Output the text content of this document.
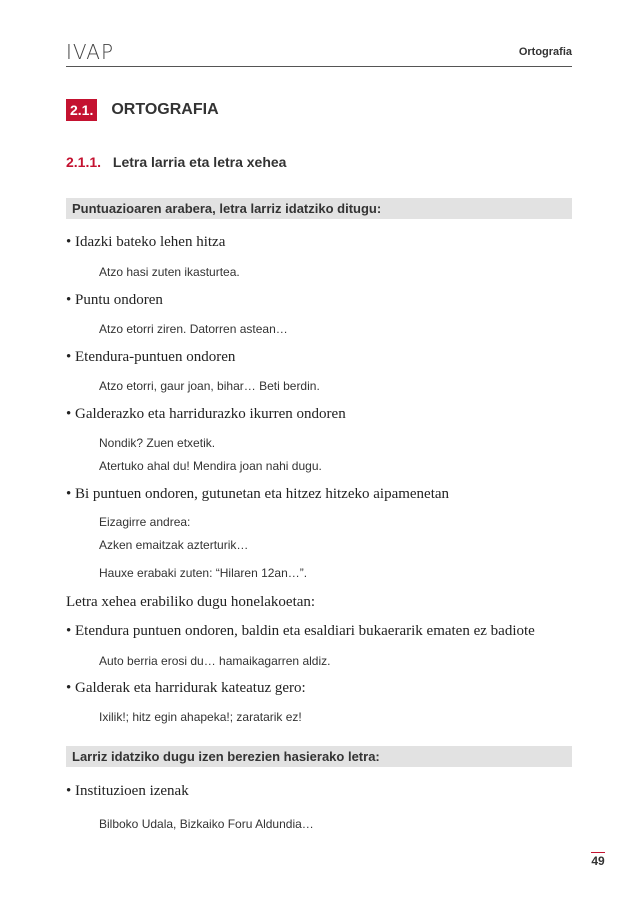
IVAP	Ortografia
2.1. ORTOGRAFIA
2.1.1. Letra larria eta letra xehea
Puntuazioaren arabera, letra larriz idatziko ditugu:
• Idazki bateko lehen hitza
Atzo hasi zuten ikasturtea.
• Puntu ondoren
Atzo etorri ziren. Datorren astean…
• Etendura-puntuen ondoren
Atzo etorri, gaur joan, bihar… Beti berdin.
• Galderazko eta harridurazko ikurren ondoren
Nondik? Zuen etxetik.
Atertuko ahal du! Mendira joan nahi dugu.
• Bi puntuen ondoren, gutunetan eta hitzez hitzeko aipamenetan
Eizagirre andrea:
Azken emaitzak azterturik…
Hauxe erabaki zuten: “Hilaren 12an…”.
Letra xehea erabiliko dugu honelakoetan:
• Etendura puntuen ondoren, baldin eta esaldiari bukaerarik ematen ez badiote
Auto berria erosi du… hamaikagarren aldiz.
• Galderak eta harridurak kateatuz gero:
Ixilik!; hitz egin ahapeka!; zaratarik ez!
Larriz idatziko dugu izen berezien hasierako letra:
• Instituzioen izenak
Bilboko Udala, Bizkaiko Foru Aldundia…
49
